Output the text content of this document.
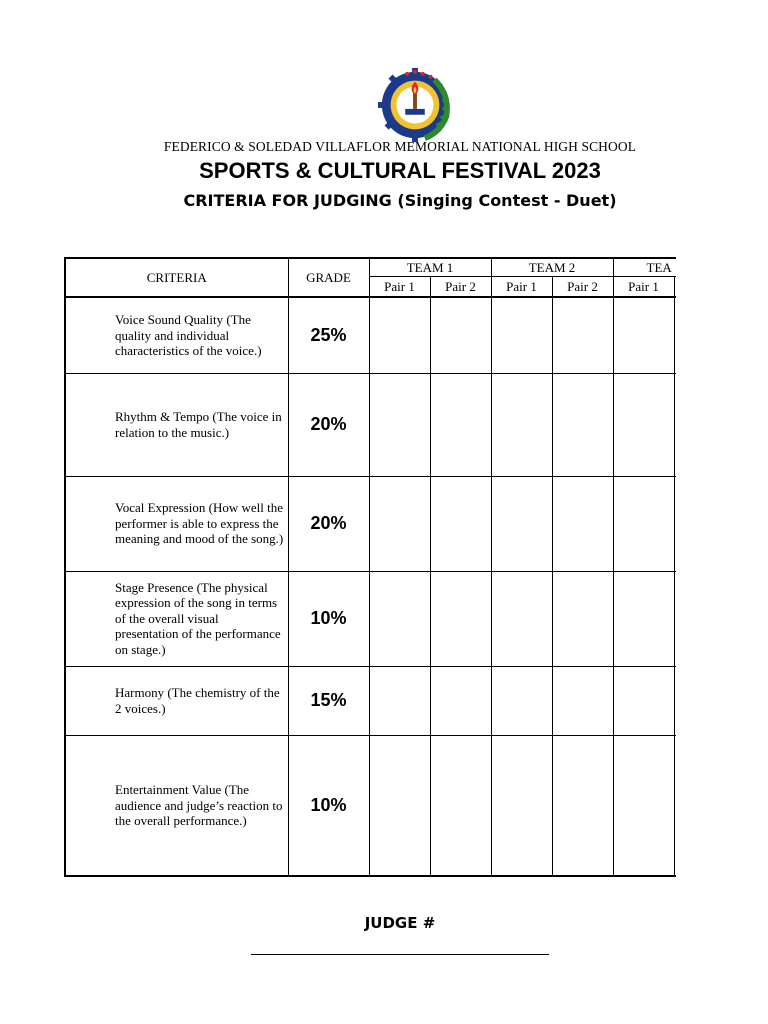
FEDERICO & SOLEDAD VILLAFLOR MEMORIAL NATIONAL HIGH SCHOOL
SPORTS & CULTURAL FESTIVAL 2023
CRITERIA FOR JUDGING (Singing Contest - Duet)
CRITERIA	GRADE	TEAM 1		TEAM 2		TEA	
		Pair 1	Pair 2	Pair 1	Pair 2	Pair 1	
Voice Sound Quality (The quality and individual characteristics of the voice.)	25%						
Rhythm & Tempo (The voice in relation to the music.)	20%						
Vocal Expression (How well the performer is able to express the meaning and mood of the song.)	20%						
Stage Presence (The physical expression of the song in terms of the overall visual presentation of the performance on stage.)	10%						
Harmony (The chemistry of the 2 voices.)	15%						
Entertainment Value (The audience and judge’s reaction to the overall performance.)	10%						
JUDGE #
